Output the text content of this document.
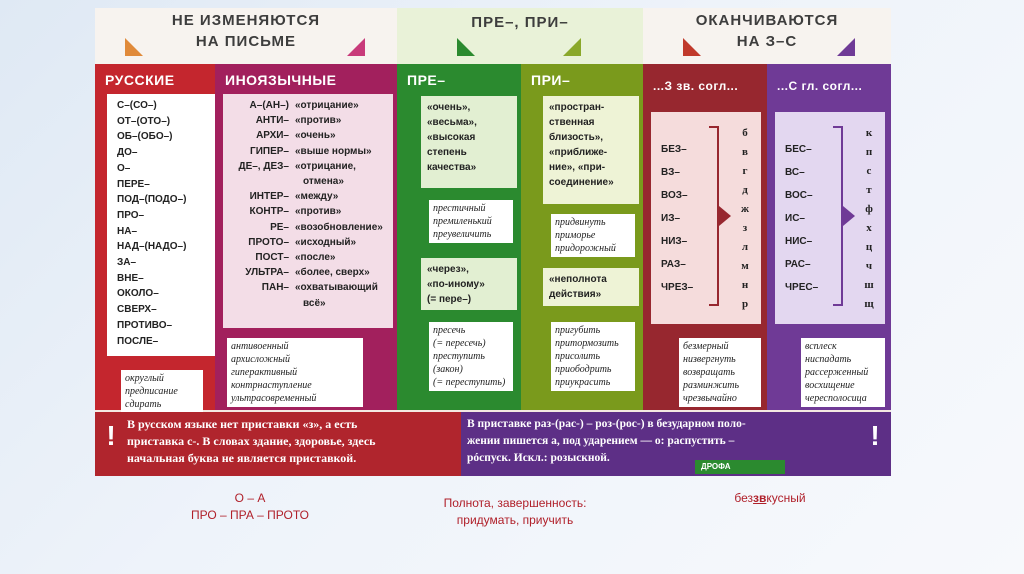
НЕ ИЗМЕНЯЮТСЯ
НА ПИСЬМЕ
ПРЕ–, ПРИ–	ОКАНЧИВАЮТСЯ
НА З–С
РУССКИЕ
С–(СО–)
ОТ–(ОТО–)
ОБ–(ОБО–)
ДО–
О–
ПЕРЕ–
ПОД–(ПОДО–)
ПРО–
НА–
НАД–(НАДО–)
ЗА–
ВНЕ–
ОКОЛО–
СВЕРХ–
ПРОТИВО–
ПОСЛЕ–
округлый
предписание
сдирать
ИНОЯЗЫЧНЫЕ
А–(АН–) «отрицание»
АНТИ– «против»
АРХИ– «очень»
ГИПЕР– «выше нормы»
ДЕ–, ДЕЗ– «отрицание,
отмена»
ИНТЕР– «между»
КОНТР– «против»
РЕ– «возобновление»
ПРОТО– «исходный»
ПОСТ– «после»
УЛЬТРА– «более, сверх»
ПАН– «охватывающий
всё»
антивоенный
архисложный
гиперактивный
контрнаступление
ультрасовременный
ПРЕ–
«очень»,
«весьма»,
«высокая
степень
качества»
престичный
премиленький
преувеличить
«через»,
«по-иному»
(= пере–)
пресечь
(= пересечь)
преступить
(закон)
(= переступить)
ПРИ–
«простран-
ственная
близость»,
«приближе-
ние», «при-
соединение»
придвинуть
приморье
придорожный
«неполнота
действия»
пригубить
притормозить
присолить
приободрить
приукрасить
...З зв. согл...
БЕЗ–
ВЗ–
ВОЗ–
ИЗ–
НИЗ–
РАЗ–
ЧРЕЗ–
б
в
г
д
ж
з
л
м
н
р
безмерный
низвергнуть
возвращать
разминжить
чрезвычайно
...С гл. согл...
БЕС–
ВС–
ВОС–
ИС–
НИС–
РАС–
ЧРЕС–
к
п
с
т
ф
х
ц
ч
ш
щ
всплеск
ниспадать
рассерженный
восхищение
чересполосица
! В русском языке нет приставки «з», а есть
приставка с-. В словах здание, здоровье, здесь
начальная буква не является приставкой.
В приставке раз-(рас-) – роз-(рос-) в безударном поло-
жении пишется а, под ударением — о: распустить –
рóспуск. Искл.: розыскной.
!
ДРОФА
О – А
ПРО – ПРА – ПРОТО
Полнота, завершенность:
придумать, приучить
беззвкусный
